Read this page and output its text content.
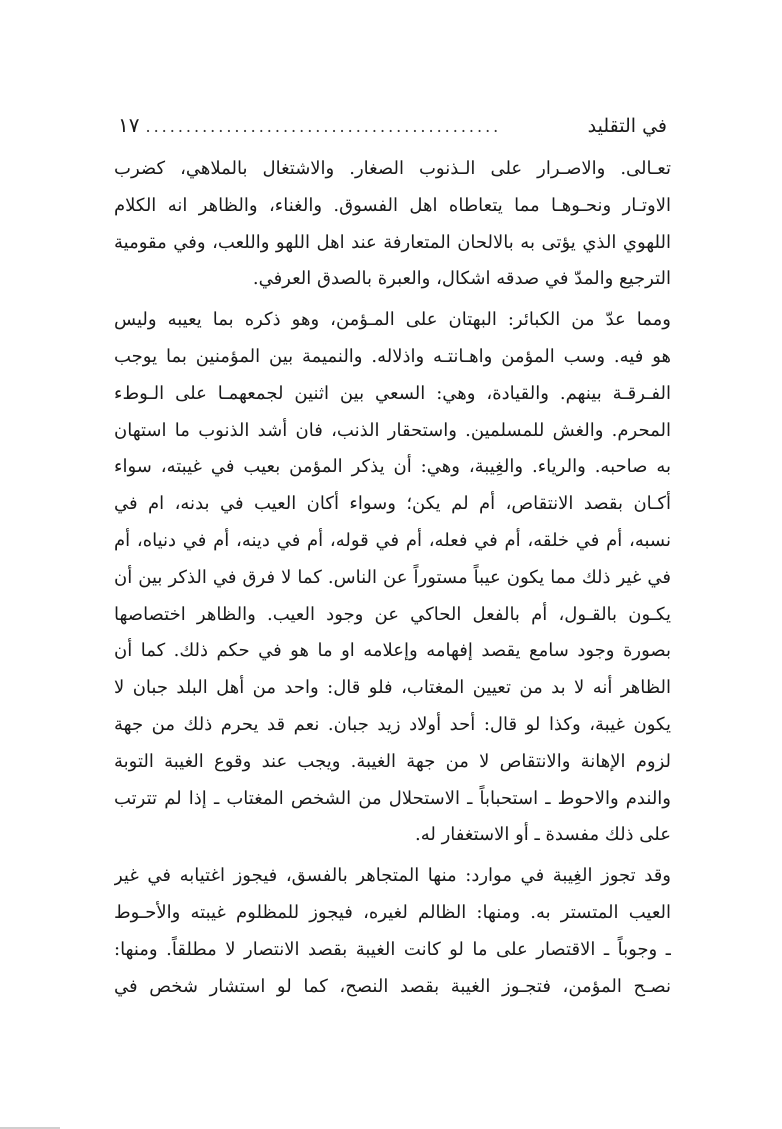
في التقليد
............................................
١٧
تعـالى. والاصـرار على الـذنوب الصغار. والاشتغال بالملاهي، كضرب
الاوتـار ونحـوهـا مما يتعاطاه اهل الفسوق. والغناء، والظاهر انه الكلام
اللهوي الذي يؤتى به بالالحان المتعارفة عند اهل اللهو واللعب، وفي مقومية
الترجيع والمدّ في صدقه اشكال، والعبرة بالصدق العرفي.
ومما عدّ من الكبائر: البهتان على المـؤمن، وهو ذكره بما يعيبه وليس
هو فيه. وسب المؤمن واهـانتـه واذلاله. والنميمة بين المؤمنين بما يوجب
الفـرقـة بينهم. والقيادة، وهي: السعي بين اثنين لجمعهمـا على الـوطء
المحرم. والغش للمسلمين. واستحقار الذنب، فان أشد الذنوب ما استهان
به صاحبه. والرياء. والغِيبة، وهي: أن يذكر المؤمن بعيب في غيبته، سواء
أكـان بقصد الانتقاص، أم لم يكن؛ وسواء أكان العيب في بدنه، ام في
نسبه، أم في خلقه، أم في فعله، أم في قوله، أم في دينه، أم في دنياه، أم
في غير ذلك مما يكون عيباً مستوراً عن الناس. كما لا فرق في الذكر بين أن
يكـون بالقـول، أم بالفعل الحاكي عن وجود العيب. والظاهر اختصاصها
بصورة وجود سامع يقصد إفهامه وإعلامه او ما هو في حكم ذلك. كما أن
الظاهر أنه لا بد من تعيين المغتاب، فلو قال: واحد من أهل البلد جبان لا
يكون غيبة، وكذا لو قال: أحد أولاد زيد جبان. نعم قد يحرم ذلك من جهة
لزوم الإهانة والانتقاص لا من جهة الغيبة. ويجب عند وقوع الغيبة التوبة
والندم والاحوط ـ استحباباً ـ الاستحلال من الشخص المغتاب ـ إذا لم تترتب
على ذلك مفسدة ـ أو الاستغفار له.
وقد تجوز الغِيبة في موارد: منها المتجاهر بالفسق، فيجوز اغتيابه في غير
العيب المتستر به. ومنها: الظالم لغيره، فيجوز للمظلوم غيبته والأحـوط
ـ وجوباً ـ الاقتصار على ما لو كانت الغيبة بقصد الانتصار لا مطلقاً. ومنها:
نصـح المؤمن، فتجـوز الغيبة بقصد النصح، كما لو استشار شخص في
